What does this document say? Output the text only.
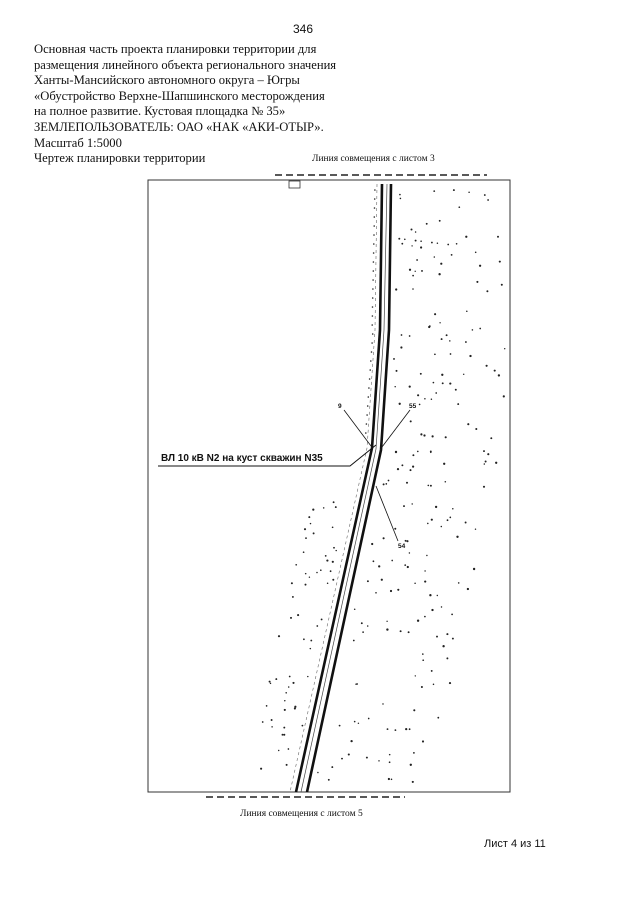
346
Основная часть проекта планировки территории для
размещения линейного объекта регионального значения
Ханты-Мансийского автономного округа – Югры
«Обустройство Верхне-Шапшинского месторождения
на полное развитие. Кустовая площадка № 35»
ЗЕМЛЕПОЛЬЗОВАТЕЛЬ: ОАО «НАК «АКИ-ОТЫР».
Масштаб 1:5000
Чертеж планировки территории	Линия совмещения с листом 3
Линия совмещения с листом 5
ВЛ 10 кВ N2 на куст скважин N35
9	55
54
Лист 4 из 11
